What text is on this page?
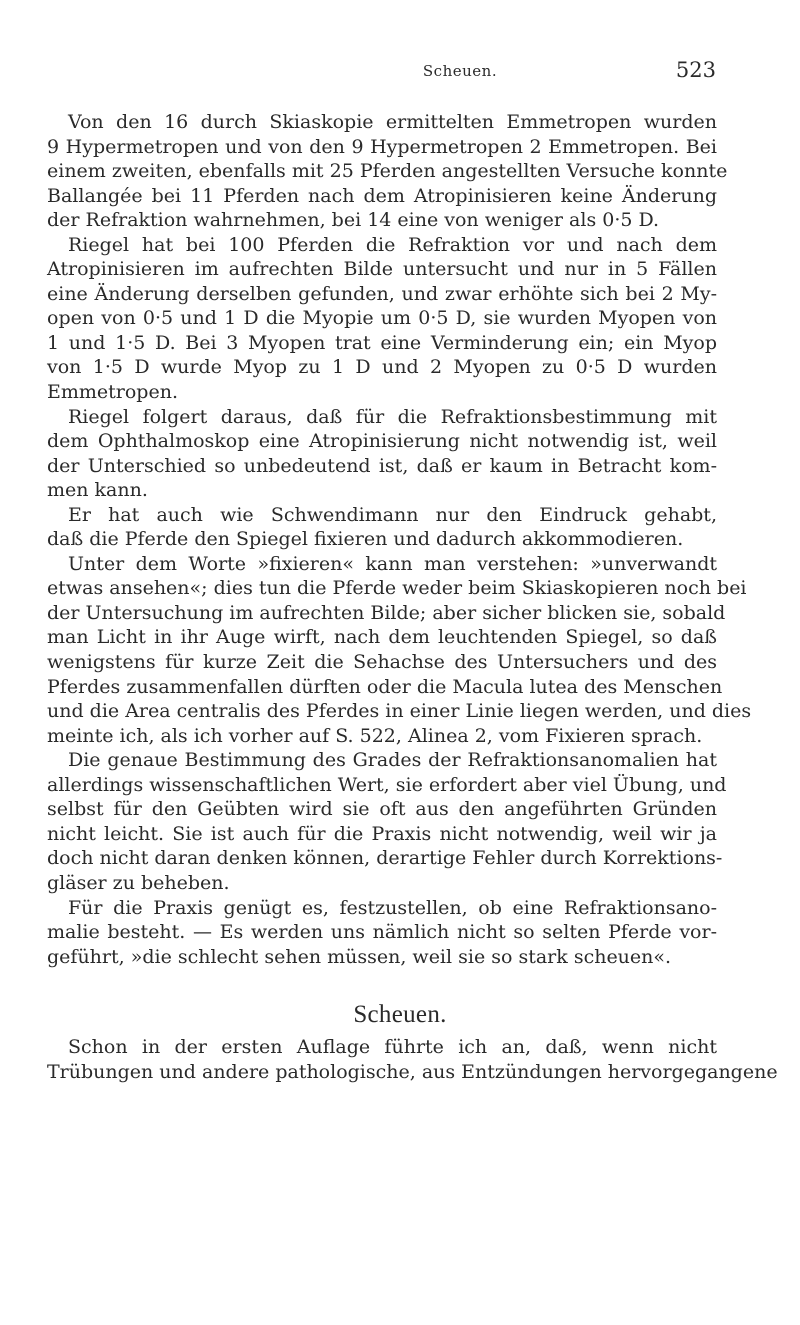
Scheuen.	523
Von den 16 durch Skiaskopie ermittelten Emmetropen wurden
9 Hypermetropen und von den 9 Hypermetropen 2 Emmetropen. Bei
einem zweiten, ebenfalls mit 25 Pferden angestellten Versuche konnte
Ballangée bei 11 Pferden nach dem Atropinisieren keine Änderung
der Refraktion wahrnehmen, bei 14 eine von weniger als 0·5 D.
Riegel hat bei 100 Pferden die Refraktion vor und nach dem
Atropinisieren im aufrechten Bilde untersucht und nur in 5 Fällen
eine Änderung derselben gefunden, und zwar erhöhte sich bei 2 My-
open von 0·5 und 1 D die Myopie um 0·5 D, sie wurden Myopen von
1 und 1·5 D. Bei 3 Myopen trat eine Verminderung ein; ein Myop
von 1·5 D wurde Myop zu 1 D und 2 Myopen zu 0·5 D wurden
Emmetropen.
Riegel folgert daraus, daß für die Refraktionsbestimmung mit
dem Ophthalmoskop eine Atropinisierung nicht notwendig ist, weil
der Unterschied so unbedeutend ist, daß er kaum in Betracht kom-
men kann.
Er hat auch wie Schwendimann nur den Eindruck gehabt,
daß die Pferde den Spiegel fixieren und dadurch akkommodieren.
Unter dem Worte »fixieren« kann man verstehen: »unverwandt
etwas ansehen«; dies tun die Pferde weder beim Skiaskopieren noch bei
der Untersuchung im aufrechten Bilde; aber sicher blicken sie, sobald
man Licht in ihr Auge wirft, nach dem leuchtenden Spiegel, so daß
wenigstens für kurze Zeit die Sehachse des Untersuchers und des
Pferdes zusammenfallen dürften oder die Macula lutea des Menschen
und die Area centralis des Pferdes in einer Linie liegen werden, und dies
meinte ich, als ich vorher auf S. 522, Alinea 2, vom Fixieren sprach.
Die genaue Bestimmung des Grades der Refraktionsanomalien hat
allerdings wissenschaftlichen Wert, sie erfordert aber viel Übung, und
selbst für den Geübten wird sie oft aus den angeführten Gründen
nicht leicht. Sie ist auch für die Praxis nicht notwendig, weil wir ja
doch nicht daran denken können, derartige Fehler durch Korrektions-
gläser zu beheben.
Für die Praxis genügt es, festzustellen, ob eine Refraktionsano-
malie besteht. — Es werden uns nämlich nicht so selten Pferde vor-
geführt, »die schlecht sehen müssen, weil sie so stark scheuen«.
Scheuen.
Schon in der ersten Auflage führte ich an, daß, wenn nicht
Trübungen und andere pathologische, aus Entzündungen hervorgegangene
